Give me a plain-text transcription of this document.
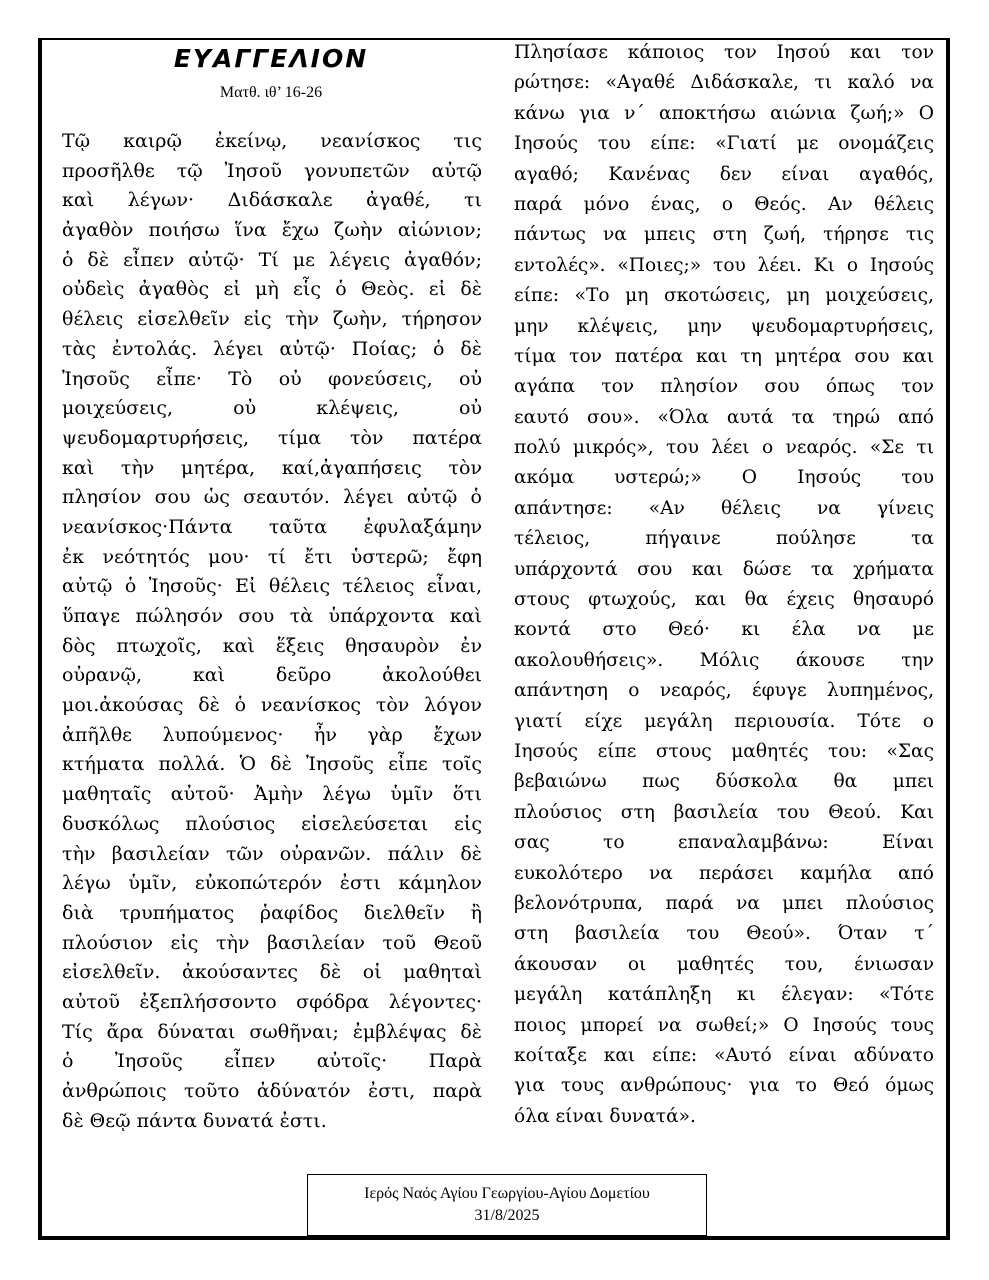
ΕΥΑΓΓΕΛΙΟΝ
Ματθ. ιθ’ 16-26
Τῷ καιρῷ ἐκείνῳ, νεανίσκος τις
προσῆλθε τῷ Ἰησοῦ γονυπετῶν αὐτῷ
καὶ λέγων· Διδάσκαλε ἀγαθέ, τι
ἀγαθὸν ποιήσω ἵνα ἔχω ζωὴν αἰώνιον;
ὁ δὲ εἶπεν αὐτῷ· Τί με λέγεις ἀγαθόν;
οὐδεὶς ἀγαθὸς εἰ μὴ εἷς ὁ Θεὸς. εἰ δὲ
θέλεις εἰσελθεῖν εἰς τὴν ζωὴν, τήρησον
τὰς ἐντολάς. λέγει αὐτῷ· Ποίας; ὁ δὲ
Ἰησοῦς εἶπε· Τὸ οὐ φονεύσεις, οὐ
μοιχεύσεις, οὐ κλέψεις, οὐ
ψευδομαρτυρήσεις, τίμα τὸν πατέρα
καὶ τὴν μητέρα, καί,ἀγαπήσεις τὸν
πλησίον σου ὡς σεαυτόν. λέγει αὐτῷ ὁ
νεανίσκος·Πάντα ταῦτα ἐφυλαξάμην
ἐκ νεότητός μου· τί ἔτι ὑστερῶ; ἔφη
αὐτῷ ὁ Ἰησοῦς· Εἰ θέλεις τέλειος εἶναι,
ὕπαγε πώλησόν σου τὰ ὑπάρχοντα καὶ
δὸς πτωχοῖς, καὶ ἕξεις θησαυρὸν ἐν
οὐρανῷ, καὶ δεῦρο ἀκολούθει
μοι.ἀκούσας δὲ ὁ νεανίσκος τὸν λόγον
ἀπῆλθε λυπούμενος· ἦν γὰρ ἔχων
κτήματα πολλά. Ὁ δὲ Ἰησοῦς εἶπε τοῖς
μαθηταῖς αὐτοῦ· Ἀμὴν λέγω ὑμῖν ὅτι
δυσκόλως πλούσιος εἰσελεύσεται εἰς
τὴν βασιλείαν τῶν οὐρανῶν. πάλιν δὲ
λέγω ὑμῖν, εὐκοπώτερόν ἐστι κάμηλον
διὰ τρυπήματος ῥαφίδος διελθεῖν ἢ
πλούσιον εἰς τὴν βασιλείαν τοῦ Θεοῦ
εἰσελθεῖν. ἀκούσαντες δὲ οἱ μαθηταὶ
αὐτοῦ ἐξεπλήσσοντο σφόδρα λέγοντες·
Τίς ἄρα δύναται σωθῆναι; ἐμβλέψας δὲ
ὁ Ἰησοῦς εἶπεν αὐτοῖς· Παρὰ
ἀνθρώποις τοῦτο ἀδύνατόν ἐστι, παρὰ
δὲ Θεῷ πάντα δυνατά ἐστι.
Πλησίασε κάποιος τον Ιησού και τον
ρώτησε: «Αγαθέ Διδάσκαλε, τι καλό να
κάνω για ν΄ αποκτήσω αιώνια ζωή;» Ο
Ιησούς του είπε: «Γιατί με ονομάζεις
αγαθό; Κανένας δεν είναι αγαθός,
παρά μόνο ένας, ο Θεός. Αν θέλεις
πάντως να μπεις στη ζωή, τήρησε τις
εντολές». «Ποιες;» του λέει. Κι ο Ιησούς
είπε: «Το μη σκοτώσεις, μη μοιχεύσεις,
μην κλέψεις, μην ψευδομαρτυρήσεις,
τίμα τον πατέρα και τη μητέρα σου και
αγάπα τον πλησίον σου όπως τον
εαυτό σου». «Όλα αυτά τα τηρώ από
πολύ μικρός», του λέει ο νεαρός. «Σε τι
ακόμα υστερώ;» Ο Ιησούς του
απάντησε: «Αν θέλεις να γίνεις
τέλειος, πήγαινε πούλησε τα
υπάρχοντά σου και δώσε τα χρήματα
στους φτωχούς, και θα έχεις θησαυρό
κοντά στο Θεό· κι έλα να με
ακολουθήσεις». Μόλις άκουσε την
απάντηση ο νεαρός, έφυγε λυπημένος,
γιατί είχε μεγάλη περιουσία. Τότε ο
Ιησούς είπε στους μαθητές του: «Σας
βεβαιώνω πως δύσκολα θα μπει
πλούσιος στη βασιλεία του Θεού. Και
σας το επαναλαμβάνω: Είναι
ευκολότερο να περάσει καμήλα από
βελονότρυπα, παρά να μπει πλούσιος
στη βασιλεία του Θεού». Όταν τ΄
άκουσαν οι μαθητές του, ένιωσαν
μεγάλη κατάπληξη κι έλεγαν: «Τότε
ποιος μπορεί να σωθεί;» Ο Ιησούς τους
κοίταξε και είπε: «Αυτό είναι αδύνατο
για τους ανθρώπους· για το Θεό όμως
όλα είναι δυνατά».
Ιερός Ναός Αγίου Γεωργίου-Αγίου Δομετίου
31/8/2025
